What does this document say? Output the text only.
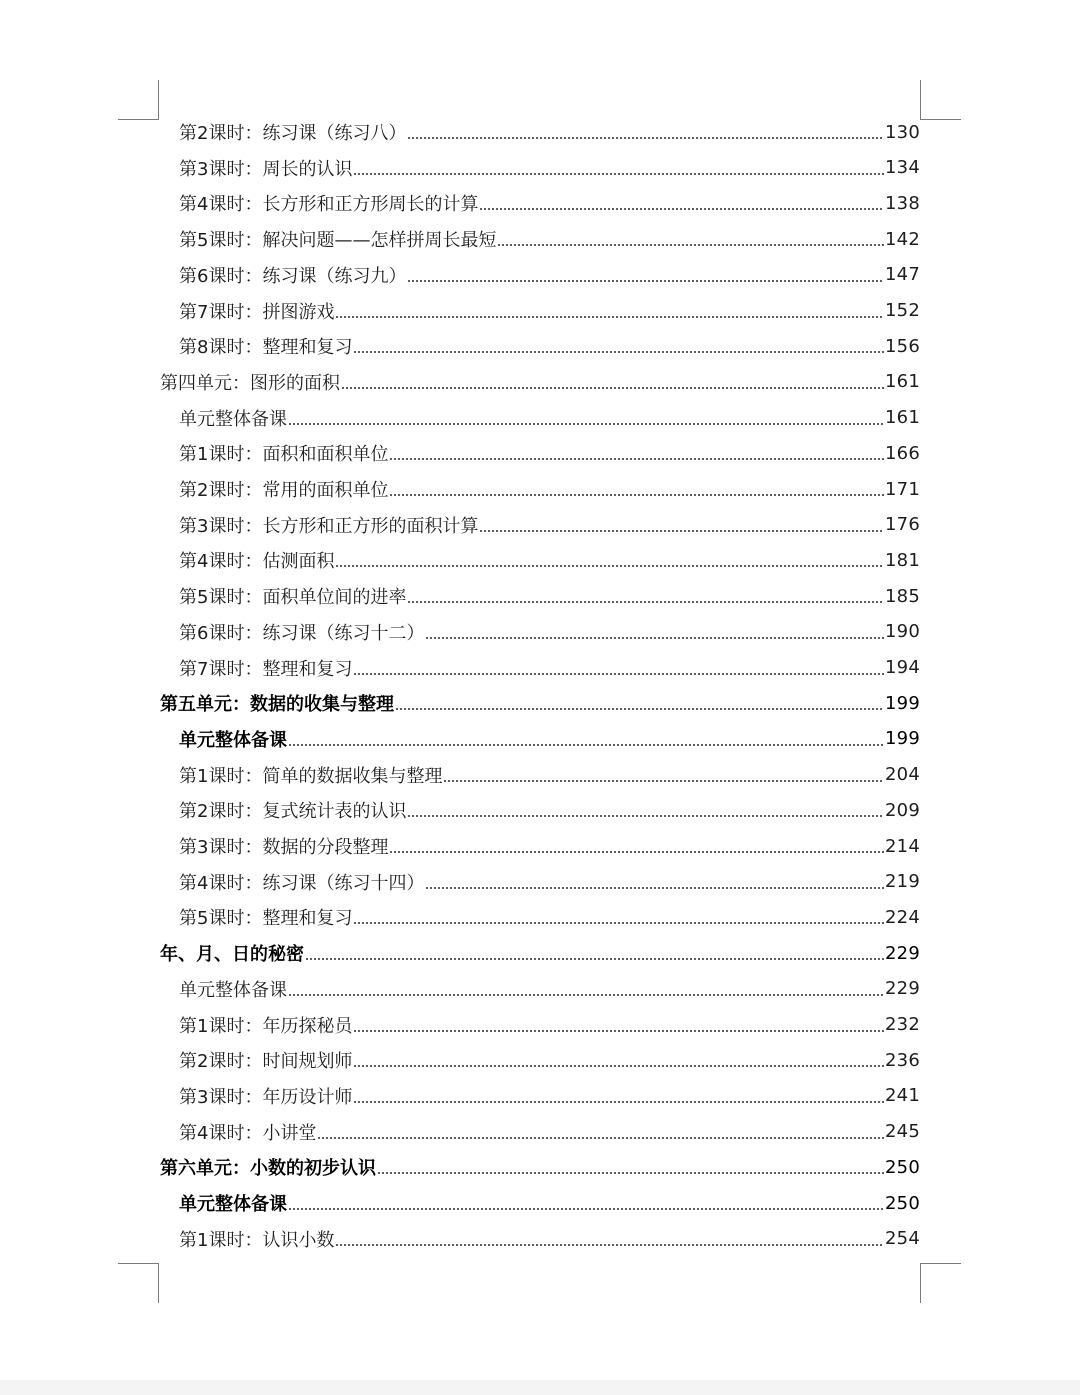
第2课时：练习课（练习八）	130
第3课时：周长的认识	134
第4课时：长方形和正方形周长的计算	138
第5课时：解决问题——怎样拼周长最短	142
第6课时：练习课（练习九）	147
第7课时：拼图游戏	152
第8课时：整理和复习	156
第四单元：图形的面积	161
单元整体备课	161
第1课时：面积和面积单位	166
第2课时：常用的面积单位	171
第3课时：长方形和正方形的面积计算	176
第4课时：估测面积	181
第5课时：面积单位间的进率	185
第6课时：练习课（练习十二）	190
第7课时：整理和复习	194
第五单元：数据的收集与整理	199
单元整体备课	199
第1课时：简单的数据收集与整理	204
第2课时：复式统计表的认识	209
第3课时：数据的分段整理	214
第4课时：练习课（练习十四）	219
第5课时：整理和复习	224
年、月、日的秘密	229
单元整体备课	229
第1课时：年历探秘员	232
第2课时：时间规划师	236
第3课时：年历设计师	241
第4课时：小讲堂	245
第六单元：小数的初步认识	250
单元整体备课	250
第1课时：认识小数	254
